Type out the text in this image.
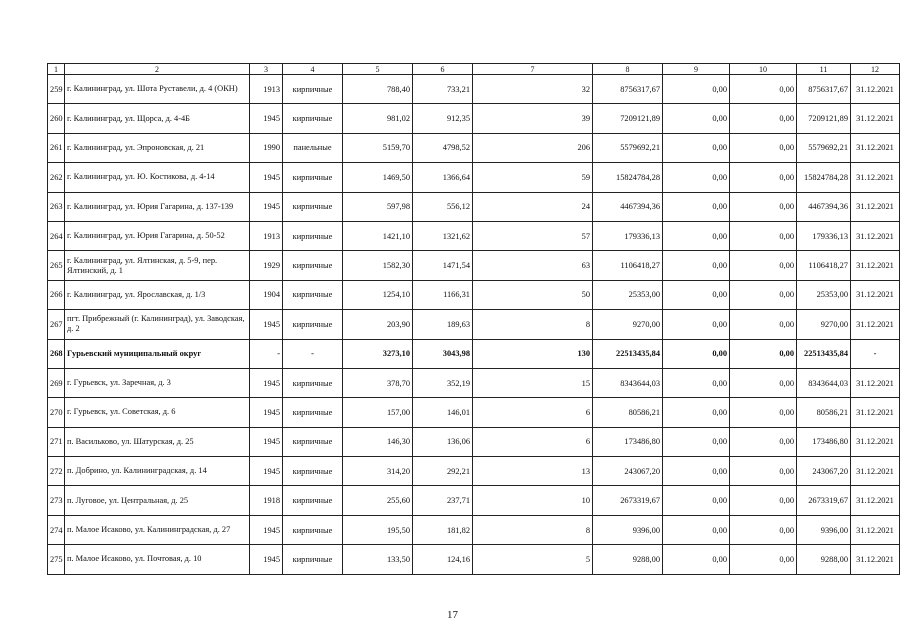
1	2	3	4	5	6	7	8	9	10	11	12
259	г. Калининград, ул. Шота Руставели, д. 4 (ОКН)	1913	кирпичные	788,40	733,21	32	8756317,67	0,00	0,00	8756317,67	31.12.2021
260	г. Калининград, ул. Щорса, д. 4-4Б	1945	кирпичные	981,02	912,35	39	7209121,89	0,00	0,00	7209121,89	31.12.2021
261	г. Калининград, ул. Эпроновская, д. 21	1990	панельные	5159,70	4798,52	206	5579692,21	0,00	0,00	5579692,21	31.12.2021
262	г. Калининград, ул. Ю. Костикова, д. 4-14	1945	кирпичные	1469,50	1366,64	59	15824784,28	0,00	0,00	15824784,28	31.12.2021
263	г. Калининград, ул. Юрия Гагарина, д. 137-139	1945	кирпичные	597,98	556,12	24	4467394,36	0,00	0,00	4467394,36	31.12.2021
264	г. Калининград, ул. Юрия Гагарина, д. 50-52	1913	кирпичные	1421,10	1321,62	57	179336,13	0,00	0,00	179336,13	31.12.2021
265	г. Калининград, ул. Ялтинская, д. 5-9, пер. Ялтинский, д. 1	1929	кирпичные	1582,30	1471,54	63	1106418,27	0,00	0,00	1106418,27	31.12.2021
266	г. Калининград, ул. Ярославская, д. 1/3	1904	кирпичные	1254,10	1166,31	50	25353,00	0,00	0,00	25353,00	31.12.2021
267	пгт. Прибрежный (г. Калининград), ул. Заводская, д. 2	1945	кирпичные	203,90	189,63	8	9270,00	0,00	0,00	9270,00	31.12.2021
268	Гурьевский муниципальный округ	-	-	3273,10	3043,98	130	22513435,84	0,00	0,00	22513435,84	-
269	г. Гурьевск, ул. Заречная, д. 3	1945	кирпичные	378,70	352,19	15	8343644,03	0,00	0,00	8343644,03	31.12.2021
270	г. Гурьевск, ул. Советская, д. 6	1945	кирпичные	157,00	146,01	6	80586,21	0,00	0,00	80586,21	31.12.2021
271	п. Васильково, ул. Шатурская, д. 25	1945	кирпичные	146,30	136,06	6	173486,80	0,00	0,00	173486,80	31.12.2021
272	п. Добрино, ул. Калининградская, д. 14	1945	кирпичные	314,20	292,21	13	243067,20	0,00	0,00	243067,20	31.12.2021
273	п. Луговое, ул. Центральная, д. 25	1918	кирпичные	255,60	237,71	10	2673319,67	0,00	0,00	2673319,67	31.12.2021
274	п. Малое Исаково, ул. Калининградская, д. 27	1945	кирпичные	195,50	181,82	8	9396,00	0,00	0,00	9396,00	31.12.2021
275	п. Малое Исаково, ул. Почтовая, д. 10	1945	кирпичные	133,50	124,16	5	9288,00	0,00	0,00	9288,00	31.12.2021
17
